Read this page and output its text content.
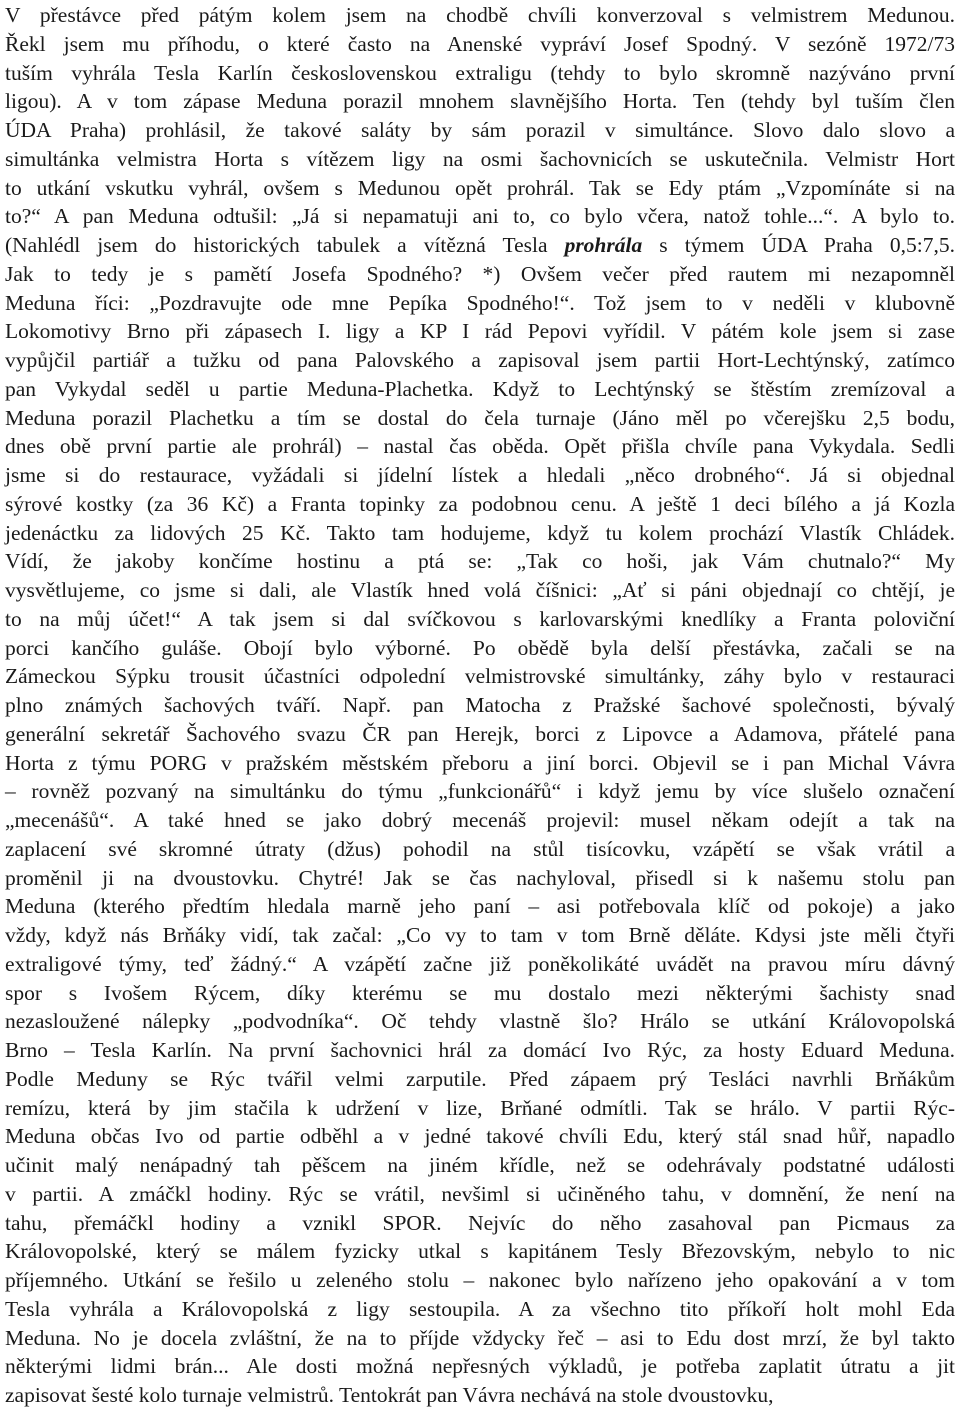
V přestávce před pátým kolem jsem na chodbě chvíli konverzoval s velmistrem Medunou.
Řekl jsem mu příhodu, o které často na Anenské vypráví Josef Spodný. V sezóně 1972/73
tuším vyhrála Tesla Karlín československou extraligu (tehdy to bylo skromně nazýváno první
ligou). A v tom zápase Meduna porazil mnohem slavnějšího Horta. Ten (tehdy byl tuším člen
ÚDA Praha) prohlásil, že takové saláty by sám porazil v simultánce. Slovo dalo slovo a
simultánka velmistra Horta s vítězem ligy na osmi šachovnicích se uskutečnila. Velmistr Hort
to utkání vskutku vyhrál, ovšem s Medunou opět prohrál. Tak se Edy ptám „Vzpomínáte si na
to?“ A pan Meduna odtušil: „Já si nepamatuji ani to, co bylo včera, natož tohle...“. A bylo to.
(Nahlédl jsem do historických tabulek a vítězná Tesla prohrála s týmem ÚDA Praha 0,5:7,5.
Jak to tedy je s pamětí Josefa Spodného? *) Ovšem večer před rautem mi nezapomněl
Meduna říci: „Pozdravujte ode mne Pepíka Spodného!“. Tož jsem to v neděli v klubovně
Lokomotivy Brno při zápasech I. ligy a KP I rád Pepovi vyřídil. V pátém kole jsem si zase
vypůjčil partiář a tužku od pana Palovského a zapisoval jsem partii Hort-Lechtýnský, zatímco
pan Vykydal seděl u partie Meduna-Plachetka. Když to Lechtýnský se štěstím zremízoval a
Meduna porazil Plachetku a tím se dostal do čela turnaje (Jáno měl po včerejšku 2,5 bodu,
dnes obě první partie ale prohrál) – nastal čas oběda. Opět přišla chvíle pana Vykydala. Sedli
jsme si do restaurace, vyžádali si jídelní lístek a hledali „něco drobného“. Já si objednal
sýrové kostky (za 36 Kč) a Franta topinky za podobnou cenu. A ještě 1 deci bílého a já Kozla
jedenáctku za lidových 25 Kč. Takto tam hodujeme, když tu kolem prochází Vlastík Chládek.
Vídí, že jakoby končíme hostinu a ptá se: „Tak co hoši, jak Vám chutnalo?“ My
vysvětlujeme, co jsme si dali, ale Vlastík hned volá číšnici: „Ať si páni objednají co chtějí, je
to na můj účet!“ A tak jsem si dal svíčkovou s karlovarskými knedlíky a Franta poloviční
porci kančího guláše. Obojí bylo výborné. Po obědě byla delší přestávka, začali se na
Zámeckou Sýpku trousit účastníci odpolední velmistrovské simultánky, záhy bylo v restauraci
plno známých šachových tváří. Např. pan Matocha z Pražské šachové společnosti, bývalý
generální sekretář Šachového svazu ČR pan Herejk, borci z Lipovce a Adamova, přátelé pana
Horta z týmu PORG v pražském městském přeboru a jiní borci. Objevil se i pan Michal Vávra
– rovněž pozvaný na simultánku do týmu „funkcionářů“ i když jemu by více slušelo označení
„mecenášů“. A také hned se jako dobrý mecenáš projevil: musel někam odejít a tak na
zaplacení své skromné útraty (džus) pohodil na stůl tisícovku, vzápětí se však vrátil a
proměnil ji na dvoustovku. Chytré! Jak se čas nachyloval, přisedl si k našemu stolu pan
Meduna (kterého předtím hledala marně jeho paní – asi potřebovala klíč od pokoje) a jako
vždy, když nás Brňáky vidí, tak začal: „Co vy to tam v tom Brně děláte. Kdysi jste měli čtyři
extraligové týmy, teď žádný.“ A vzápětí začne již poněkolikáté uvádět na pravou míru dávný
spor s Ivošem Rýcem, díky kterému se mu dostalo mezi některými šachisty snad
nezasloužené nálepky „podvodníka“. Oč tehdy vlastně šlo? Hrálo se utkání Královopolská
Brno – Tesla Karlín. Na první šachovnici hrál za domácí Ivo Rýc, za hosty Eduard Meduna.
Podle Meduny se Rýc tvářil velmi zarputile. Před zápaem prý Tesláci navrhli Brňákům
remízu, která by jim stačila k udržení v lize, Brňané odmítli. Tak se hrálo. V partii Rýc-
Meduna občas Ivo od partie odběhl a v jedné takové chvíli Edu, který stál snad hůř, napadlo
učinit malý nenápadný tah pěšcem na jiném křídle, než se odehrávaly podstatné události
v partii. A zmáčkl hodiny. Rýc se vrátil, nevšiml si učiněného tahu, v domnění, že není na
tahu, přemáčkl hodiny a vznikl SPOR. Nejvíc do něho zasahoval pan Picmaus za
Královopolské, který se málem fyzicky utkal s kapitánem Tesly Březovským, nebylo to nic
příjemného. Utkání se řešilo u zeleného stolu – nakonec bylo nařízeno jeho opakování a v tom
Tesla vyhrála a Královopolská z ligy sestoupila. A za všechno tito příkoří holt mohl Eda
Meduna. No je docela zvláštní, že na to příjde vždycky řeč – asi to Edu dost mrzí, že byl takto
některými lidmi brán... Ale dosti možná nepřesných výkladů, je potřeba zaplatit útratu a jit
zapisovat šesté kolo turnaje velmistrů. Tentokrát pan Vávra nechává na stole dvoustovku,
